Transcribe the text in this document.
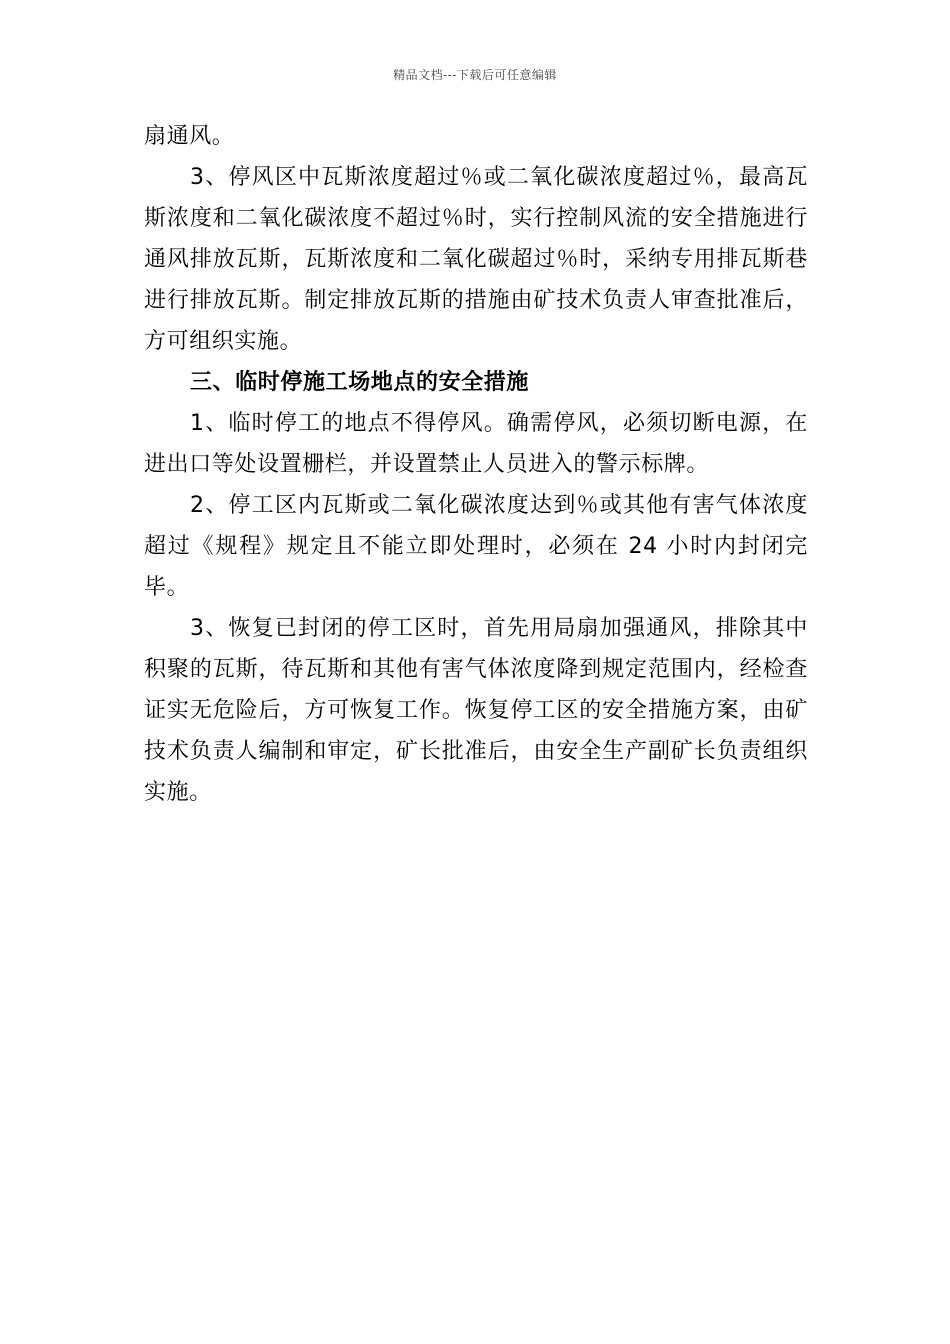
精品文档---下载后可任意编辑

扇通风。

3、停风区中瓦斯浓度超过％或二氧化碳浓度超过％，最高瓦斯浓度和二氧化碳浓度不超过％时，实行控制风流的安全措施进行通风排放瓦斯，瓦斯浓度和二氧化碳超过％时，采纳专用排瓦斯巷进行排放瓦斯。制定排放瓦斯的措施由矿技术负责人审查批准后，方可组织实施。

三、临时停施工场地点的安全措施

1、临时停工的地点不得停风。确需停风，必须切断电源，在进出口等处设置栅栏，并设置禁止人员进入的警示标牌。

2、停工区内瓦斯或二氧化碳浓度达到％或其他有害气体浓度超过《规程》规定且不能立即处理时，必须在 24 小时内封闭完毕。

3、恢复已封闭的停工区时，首先用局扇加强通风，排除其中积聚的瓦斯，待瓦斯和其他有害气体浓度降到规定范围内，经检查证实无危险后，方可恢复工作。恢复停工区的安全措施方案，由矿技术负责人编制和审定，矿长批准后，由安全生产副矿长负责组织实施。
